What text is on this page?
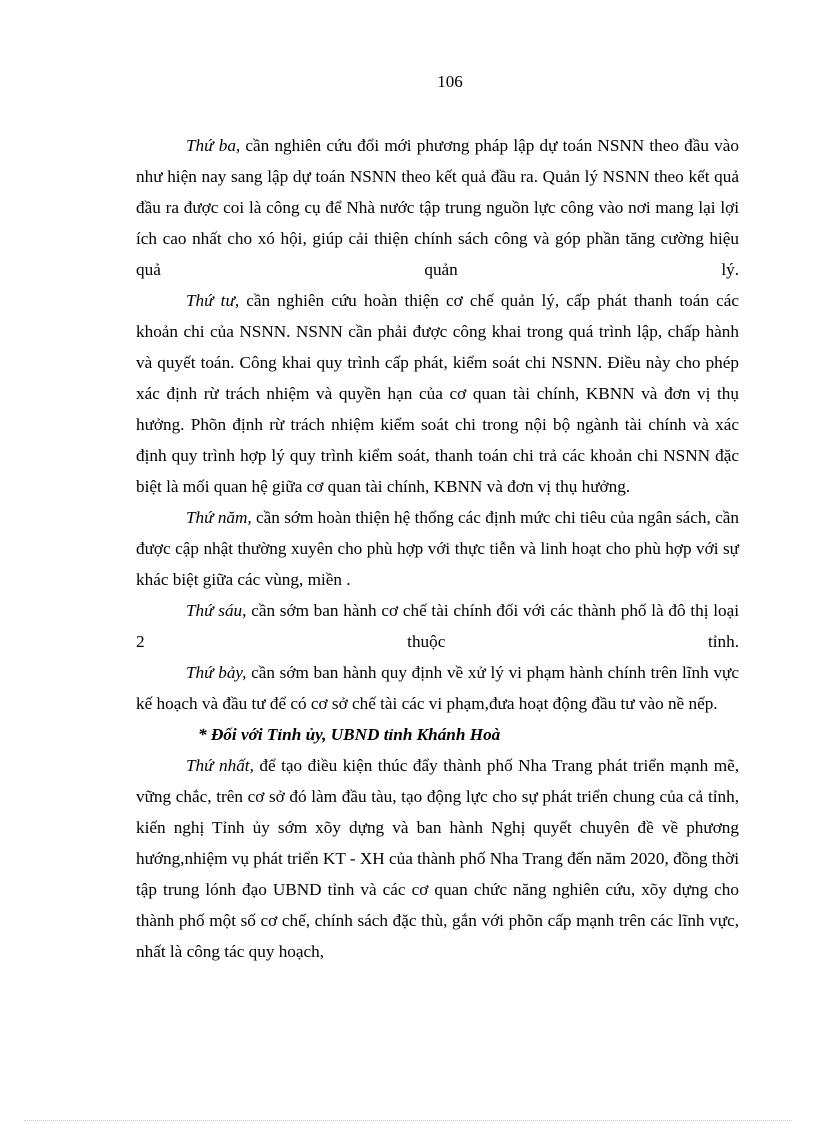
106

Thứ ba, cần nghiên cứu đổi mới phương pháp lập dự toán NSNN theo đầu vào như hiện nay sang lập dự toán NSNN theo kết quả đầu ra. Quản lý NSNN theo kết quả đầu ra được coi là công cụ để Nhà nước tập trung nguồn lực công vào nơi mang lại lợi ích cao nhất cho xó hội, giúp cải thiện chính sách công và góp phần tăng cường hiệu quả quản lý.

Thứ tư, cần nghiên cứu hoàn thiện cơ chế quản lý, cấp phát thanh toán các khoản chi của NSNN. NSNN cần phải được công khai trong quá trình lập, chấp hành và quyết toán. Công khai quy trình cấp phát, kiểm soát chi NSNN. Điều này cho phép xác định rừ trách nhiệm và quyền hạn của cơ quan tài chính, KBNN và đơn vị thụ hưởng. Phõn định rừ trách nhiệm kiểm soát chi trong nội bộ ngành tài chính và xác định quy trình hợp lý quy trình kiểm soát, thanh toán chi trả các khoản chi NSNN đặc biệt là mối quan hệ giữa cơ quan tài chính, KBNN và đơn vị thụ hưởng.

Thứ năm, cần sớm hoàn thiện hệ thống các định mức chi tiêu của ngân sách, cần được cập nhật thường xuyên cho phù hợp với thực tiễn và linh hoạt cho phù hợp với sự khác biệt giữa các vùng, miền .

Thứ sáu, cần sớm ban hành cơ chế tài chính đối với các thành phố là đô thị loại 2 thuộc tỉnh.

Thứ bảy, cần sớm ban hành quy định về xử lý vi phạm hành chính trên lĩnh vực kế hoạch và đầu tư để có cơ sở chế tài các vi phạm,đưa hoạt động đầu tư vào nề nếp.

* Đối với Tỉnh ủy, UBND tỉnh Khánh Hoà

Thứ nhất, để tạo điều kiện thúc đẩy thành phố Nha Trang phát triển mạnh mẽ, vững chắc, trên cơ sở đó làm đầu tàu, tạo động lực cho sự phát triển chung của cả tỉnh, kiến nghị Tỉnh ủy sớm xõy dựng và ban hành Nghị quyết chuyên đề về phương hướng,nhiệm vụ phát triển KT - XH của thành phố Nha Trang đến năm 2020, đồng thời tập trung lónh đạo UBND tỉnh và các cơ quan chức năng nghiên cứu, xõy dựng cho thành phố một số cơ chế, chính sách đặc thù, gắn với phõn cấp mạnh trên các lĩnh vực, nhất là công tác quy hoạch,
